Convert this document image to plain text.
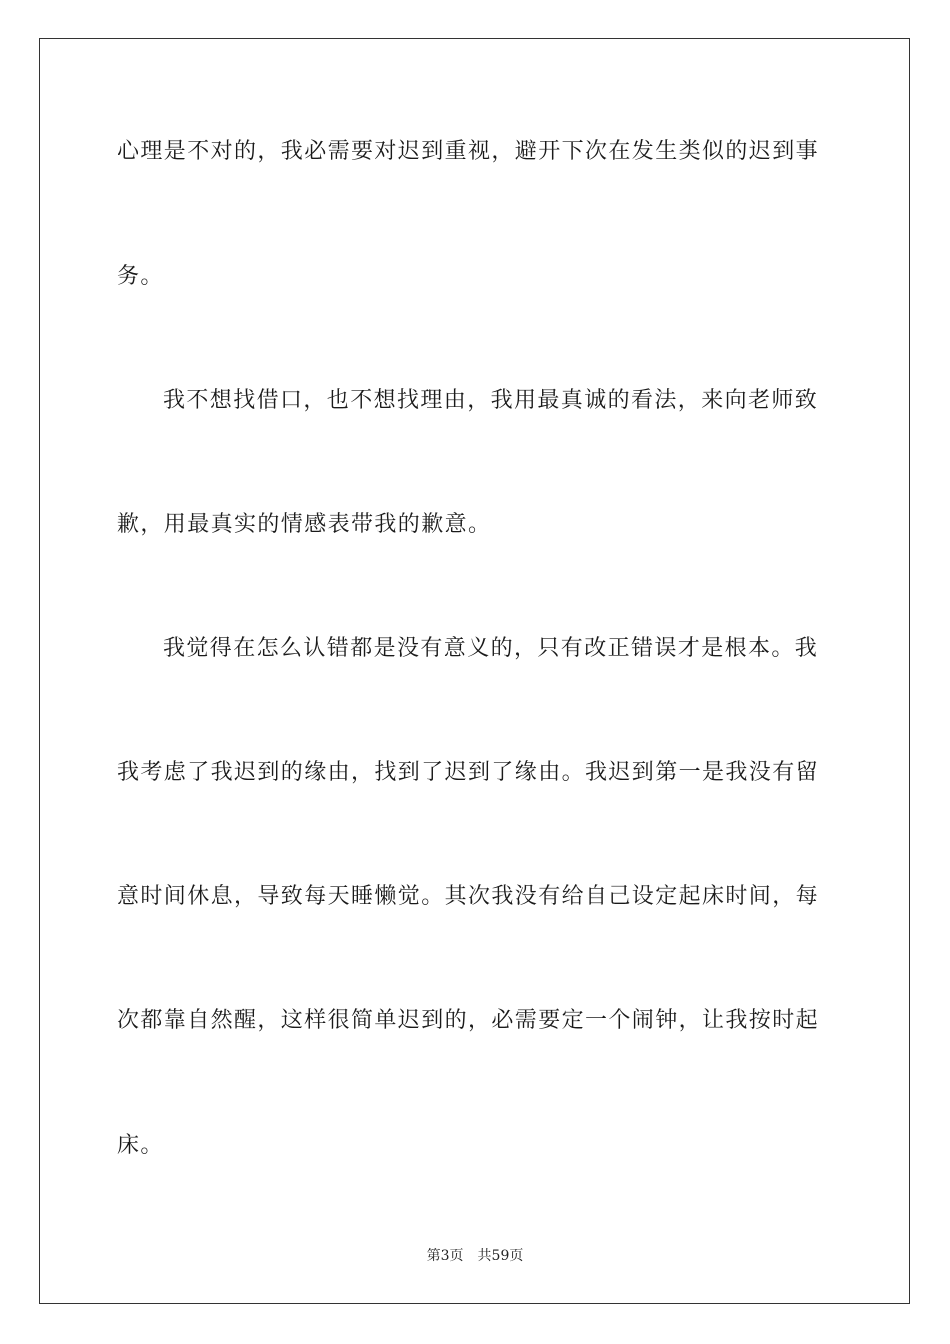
心理是不对的，我必需要对迟到重视，避开下次在发生类似的迟到事
务。
我不想找借口，也不想找理由，我用最真诚的看法，来向老师致
歉，用最真实的情感表带我的歉意。
我觉得在怎么认错都是没有意义的，只有改正错误才是根本。我
我考虑了我迟到的缘由，找到了迟到了缘由。我迟到第一是我没有留
意时间休息，导致每天睡懒觉。其次我没有给自己设定起床时间，每
次都靠自然醒，这样很简单迟到的，必需要定一个闹钟，让我按时起
床。
第3页 共59页
